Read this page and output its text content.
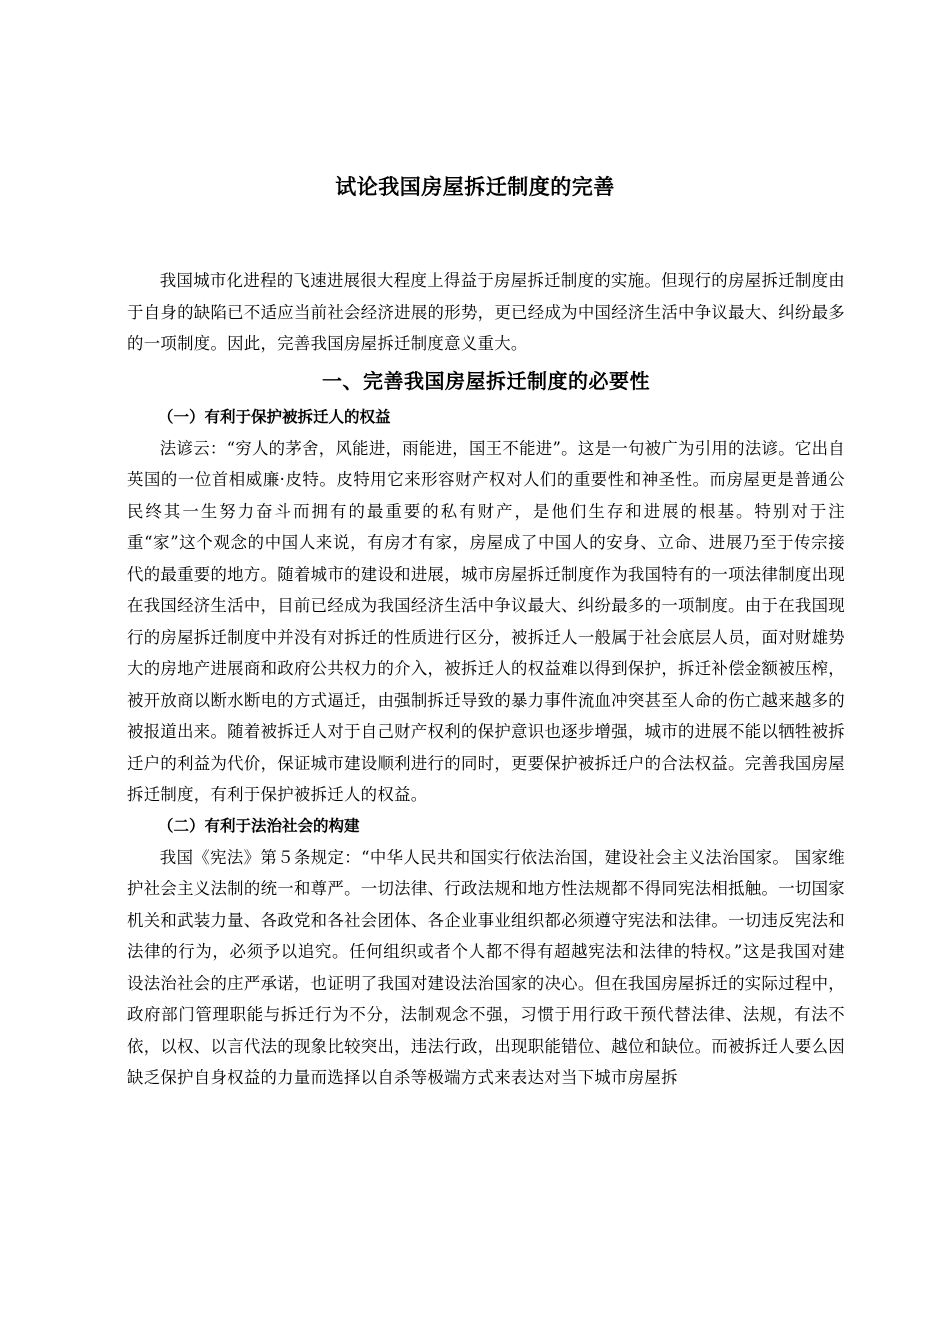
试论我国房屋拆迁制度的完善

我国城市化进程的飞速进展很大程度上得益于房屋拆迁制度的实施。但现行的房屋拆迁制度由于自身的缺陷已不适应当前社会经济进展的形势，更已经成为中国经济生活中争议最大、纠纷最多的一项制度。因此，完善我国房屋拆迁制度意义重大。

一、完善我国房屋拆迁制度的必要性
（一）有利于保护被拆迁人的权益

法谚云：“穷人的茅舍，风能进，雨能进，国王不能进”。这是一句被广为引用的法谚。它出自英国的一位首相威廉·皮特。皮特用它来形容财产权对人们的重要性和神圣性。而房屋更是普通公民终其一生努力奋斗而拥有的最重要的私有财产，是他们生存和进展的根基。特别对于注重“家”这个观念的中国人来说，有房才有家，房屋成了中国人的安身、立命、进展乃至于传宗接代的最重要的地方。随着城市的建设和进展，城市房屋拆迁制度作为我国特有的一项法律制度出现在我国经济生活中，目前已经成为我国经济生活中争议最大、纠纷最多的一项制度。由于在我国现行的房屋拆迁制度中并没有对拆迁的性质进行区分，被拆迁人一般属于社会底层人员，面对财雄势大的房地产进展商和政府公共权力的介入，被拆迁人的权益难以得到保护，拆迁补偿金额被压榨，被开放商以断水断电的方式逼迁，由强制拆迁导致的暴力事件流血冲突甚至人命的伤亡越来越多的被报道出来。随着被拆迁人对于自己财产权利的保护意识也逐步增强，城市的进展不能以牺牲被拆迁户的利益为代价，保证城市建设顺利进行的同时，更要保护被拆迁户的合法权益。完善我国房屋拆迁制度，有利于保护被拆迁人的权益。

（二）有利于法治社会的构建

我国《宪法》第５条规定：“中华人民共和国实行依法治国，建设社会主义法治国家。 国家维护社会主义法制的统一和尊严。一切法律、行政法规和地方性法规都不得同宪法相抵触。一切国家机关和武装力量、各政党和各社会团体、各企业事业组织都必须遵守宪法和法律。一切违反宪法和法律的行为，必须予以追究。任何组织或者个人都不得有超越宪法和法律的特权。”这是我国对建设法治社会的庄严承诺，也证明了我国对建设法治国家的决心。但在我国房屋拆迁的实际过程中，政府部门管理职能与拆迁行为不分，法制观念不强，习惯于用行政干预代替法律、法规，有法不依，以权、以言代法的现象比较突出，违法行政，出现职能错位、越位和缺位。而被拆迁人要么因缺乏保护自身权益的力量而选择以自杀等极端方式来表达对当下城市房屋拆
